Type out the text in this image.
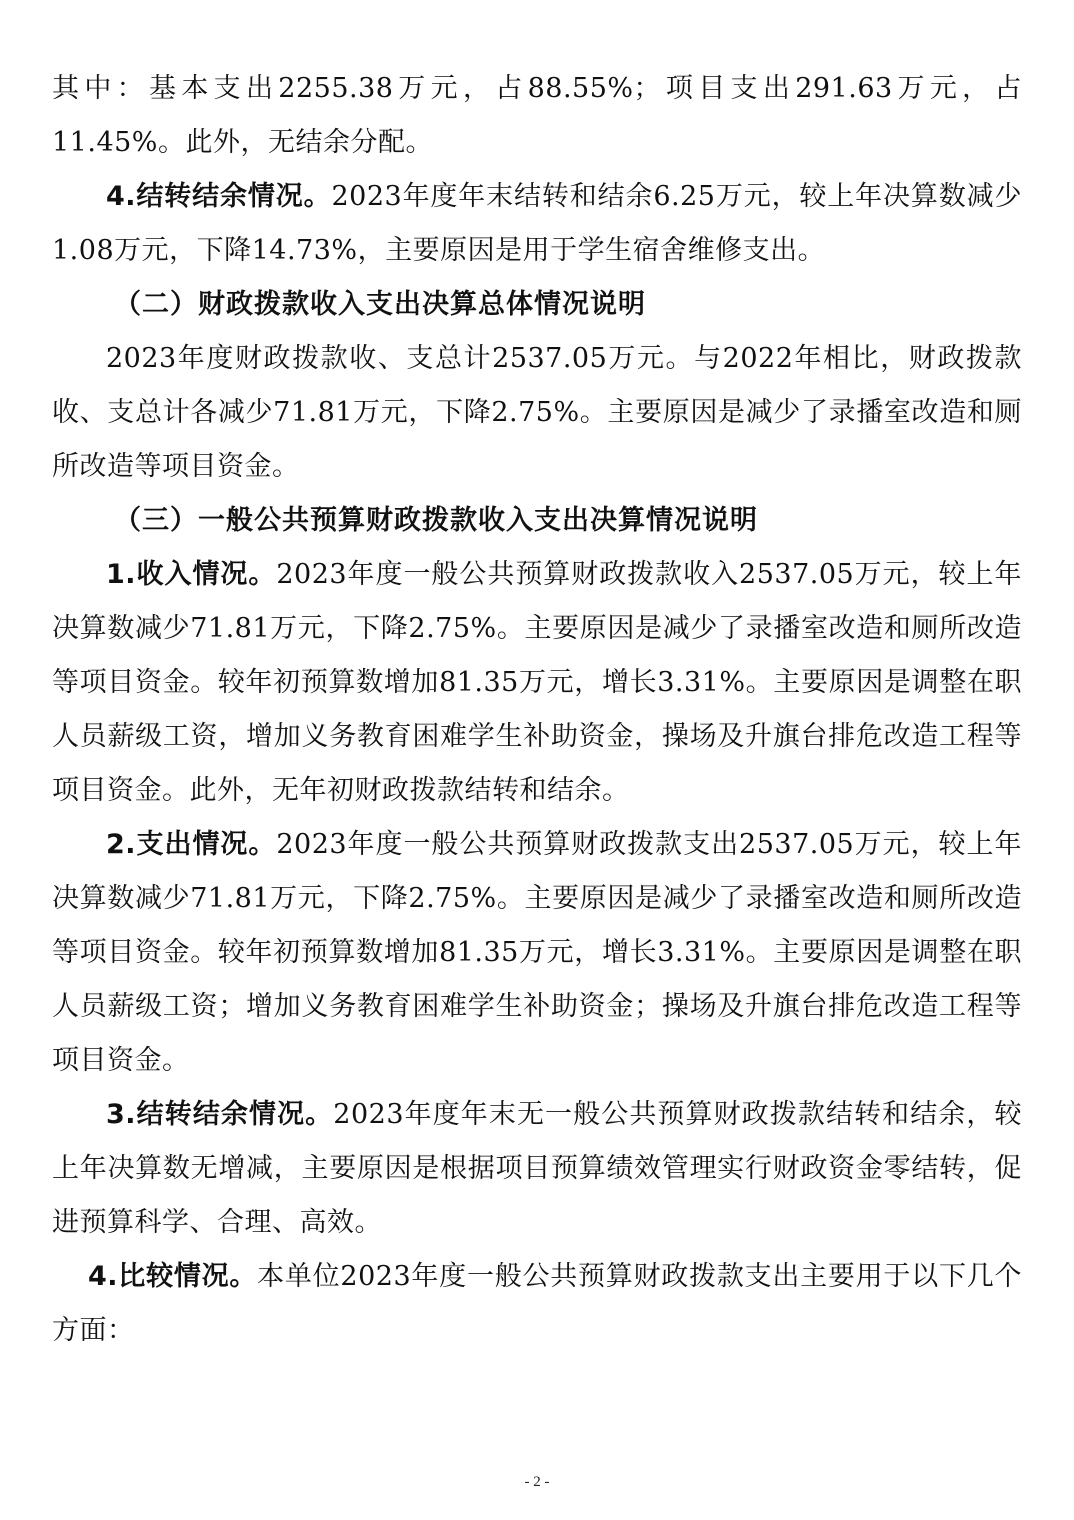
其中：基本支出2255.38万元，占88.55%；项目支出291.63万元，占11.45%。此外，无结余分配。

4.结转结余情况。2023年度年末结转和结余6.25万元，较上年决算数减少1.08万元，下降14.73%，主要原因是用于学生宿舍维修支出。

（二）财政拨款收入支出决算总体情况说明

2023年度财政拨款收、支总计2537.05万元。与2022年相比，财政拨款收、支总计各减少71.81万元，下降2.75%。主要原因是减少了录播室改造和厕所改造等项目资金。

（三）一般公共预算财政拨款收入支出决算情况说明

1.收入情况。2023年度一般公共预算财政拨款收入2537.05万元，较上年决算数减少71.81万元，下降2.75%。主要原因是减少了录播室改造和厕所改造等项目资金。较年初预算数增加81.35万元，增长3.31%。主要原因是调整在职人员薪级工资，增加义务教育困难学生补助资金，操场及升旗台排危改造工程等项目资金。此外，无年初财政拨款结转和结余。

2.支出情况。2023年度一般公共预算财政拨款支出2537.05万元，较上年决算数减少71.81万元，下降2.75%。主要原因是减少了录播室改造和厕所改造等项目资金。较年初预算数增加81.35万元，增长3.31%。主要原因是调整在职人员薪级工资；增加义务教育困难学生补助资金；操场及升旗台排危改造工程等项目资金。

3.结转结余情况。2023年度年末无一般公共预算财政拨款结转和结余，较上年决算数无增减，主要原因是根据项目预算绩效管理实行财政资金零结转，促进预算科学、合理、高效。

4.比较情况。本单位2023年度一般公共预算财政拨款支出主要用于以下几个方面：

- 2 -
